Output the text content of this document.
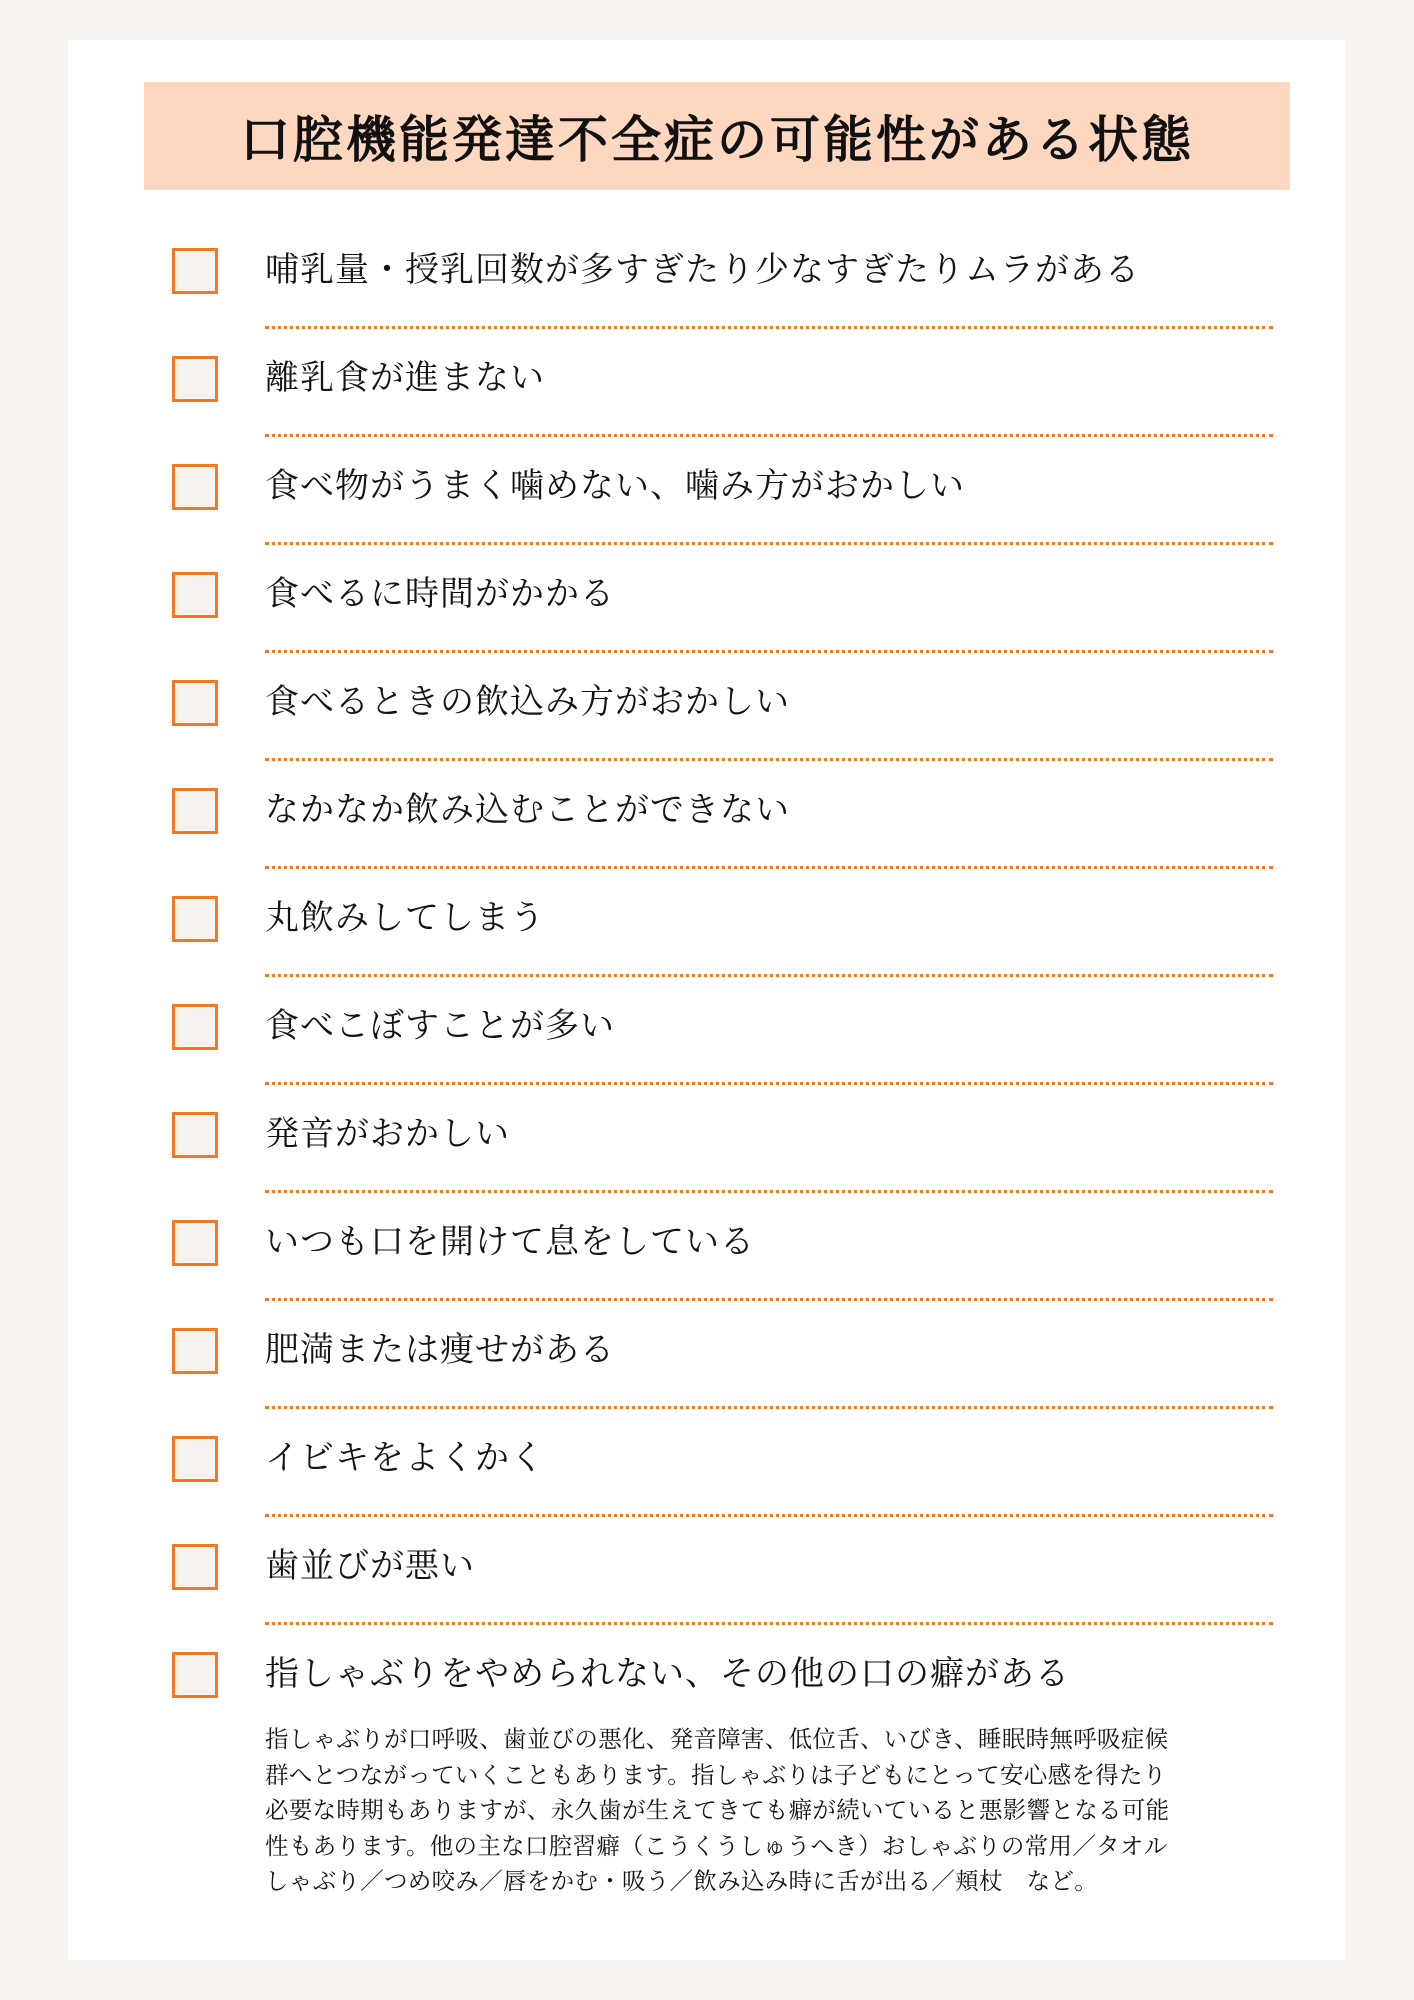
口腔機能発達不全症の可能性がある状態
哺乳量・授乳回数が多すぎたり少なすぎたりムラがある
離乳食が進まない
食べ物がうまく噛めない、噛み方がおかしい
食べるに時間がかかる
食べるときの飲込み方がおかしい
なかなか飲み込むことができない
丸飲みしてしまう
食べこぼすことが多い
発音がおかしい
いつも口を開けて息をしている
肥満または痩せがある
イビキをよくかく
歯並びが悪い
指しゃぶりをやめられない、その他の口の癖がある

指しゃぶりが口呼吸、歯並びの悪化、発音障害、低位舌、いびき、睡眠時無呼吸症候
群へとつながっていくこともあります。指しゃぶりは子どもにとって安心感を得たり
必要な時期もありますが、永久歯が生えてきても癖が続いていると悪影響となる可能
性もあります。他の主な口腔習癖（こうくうしゅうへき）おしゃぶりの常用／タオル
しゃぶり／つめ咬み／唇をかむ・吸う／飲み込み時に舌が出る／頬杖　など。
